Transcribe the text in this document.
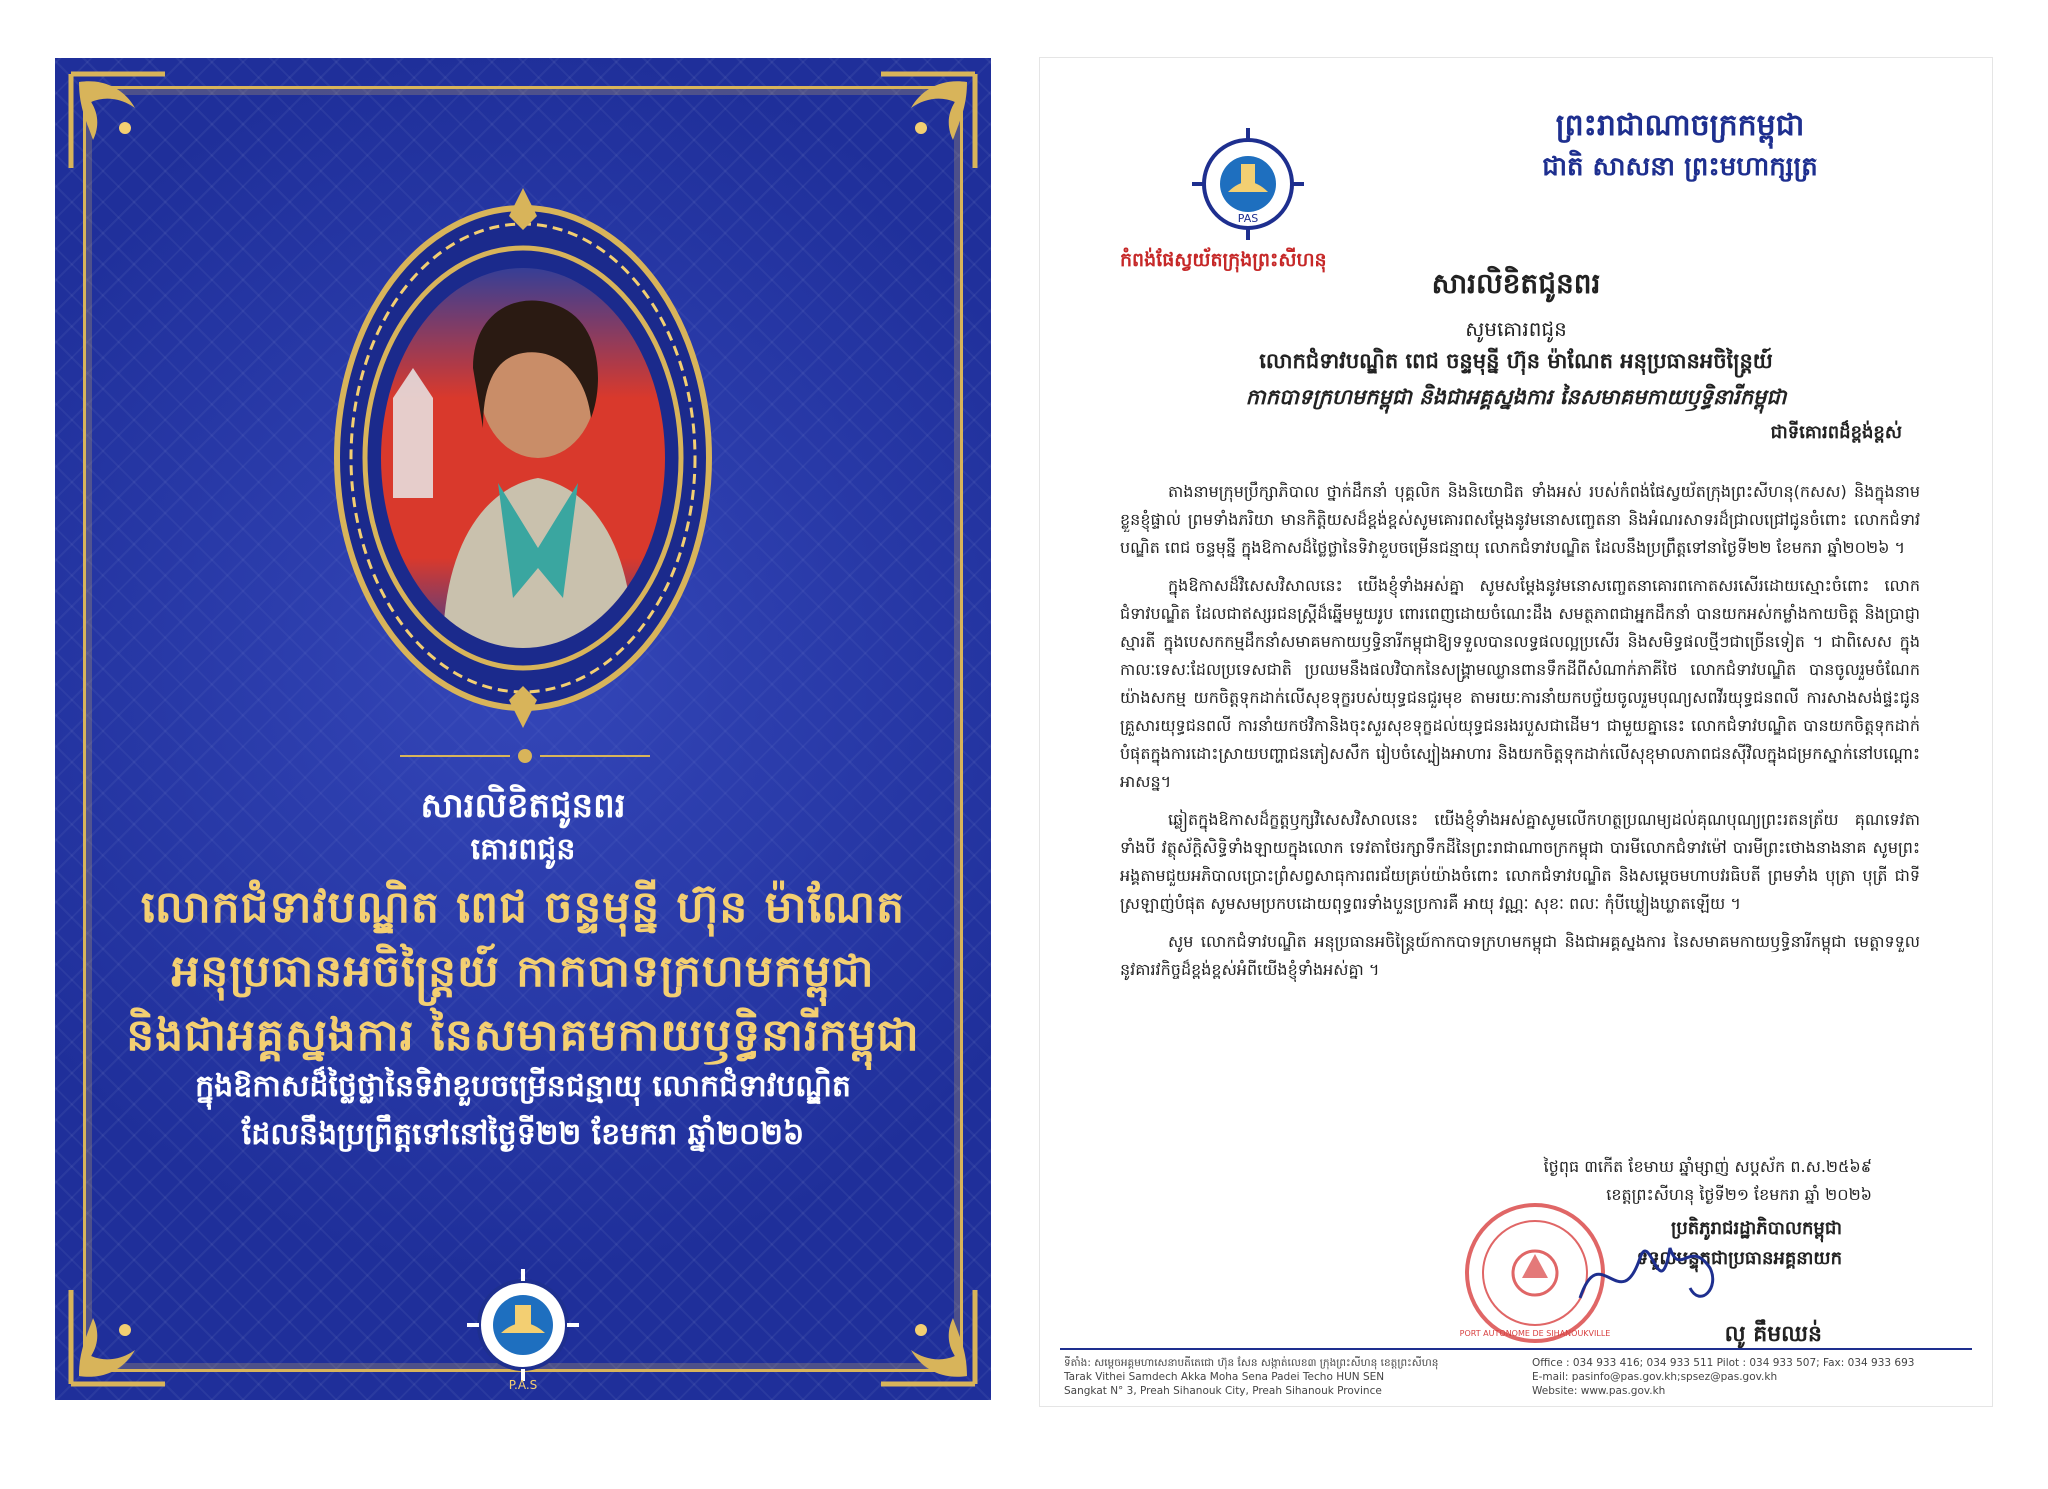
សារលិខិតជូនពរ
គោរពជូន
លោកជំទាវបណ្ឌិត ពេជ ចន្ទមុន្នី ហ៊ុន ម៉ាណែត
អនុប្រធានអចិន្ត្រៃយ៍ កាកបាទក្រហមកម្ពុជា
និងជាអគ្គស្នងការ នៃសមាគមកាយឫទ្ធិនារីកម្ពុជា
ក្នុងឱកាសដ៏ថ្លៃថ្លានៃទិវាខួបចម្រើនជន្មាយុ លោកជំទាវបណ្ឌិត
ដែលនឹងប្រព្រឹត្តទៅនៅថ្ងៃទី២២ ខែមករា ឆ្នាំ២០២៦
P.A.S
PAS
កំពង់ផែស្វយ័តក្រុងព្រះសីហនុ
ព្រះរាជាណាចក្រកម្ពុជា
ជាតិ សាសនា ព្រះមហាក្សត្រ
សារលិខិតជូនពរ
សូមគោរពជូន
លោកជំទាវបណ្ឌិត ពេជ ចន្ទមុន្នី ហ៊ុន ម៉ាណែត អនុប្រធានអចិន្ត្រៃយ៍
កាកបាទក្រហមកម្ពុជា និងជាអគ្គស្នងការ នៃសមាគមកាយឫទ្ធិនារីកម្ពុជា
ជាទីគោរពដ៏ខ្ពង់ខ្ពស់

តាងនាមក្រុមប្រឹក្សាភិបាល ថ្នាក់ដឹកនាំ បុគ្គលិក និងនិយោជិត ទាំងអស់ របស់កំពង់ផែស្វយ័តក្រុងព្រះសីហនុ(កសស) និងក្នុងនាមខ្លួនខ្ញុំផ្ទាល់ ព្រមទាំងភរិយា មានកិត្តិយសដ៏ខ្ពង់ខ្ពស់សូមគោរពសម្តែងនូវមនោសញ្ចេតនា និងអំណរសាទរដ៏ជ្រាលជ្រៅជូនចំពោះ លោកជំទាវបណ្ឌិត ពេជ ចន្ទមុន្នី ក្នុងឱកាសដ៏ថ្លៃថ្លានៃទិវាខួបចម្រើនជន្មាយុ លោកជំទាវបណ្ឌិត ដែលនឹងប្រព្រឹត្តទៅនាថ្ងៃទី២២ ខែមករា ឆ្នាំ២០២៦ ។

ក្នុងឱកាសដ៏វិសេសវិសាលនេះ យើងខ្ញុំទាំងអស់គ្នា សូមសម្តែងនូវមនោសញ្ចេតនាគោរពកោតសរសើរដោយស្មោះចំពោះ លោកជំទាវបណ្ឌិត ដែលជាឥស្សរជនស្ត្រីដ៏ឆ្នើមមួយរូប ពោរពេញដោយចំណេះដឹង សមត្ថភាពជាអ្នកដឹកនាំ បានយកអស់កម្លាំងកាយចិត្ត និងប្រាជ្ញាស្មារតី ក្នុងបេសកកម្មដឹកនាំសមាគមកាយឫទ្ធិនារីកម្ពុជាឱ្យទទួលបានលទ្ធផលល្អប្រសើរ និងសមិទ្ធផលថ្មីៗជាច្រើនទៀត ។ ជាពិសេស ក្នុងកាលៈទេសៈដែលប្រទេសជាតិ ប្រឈមនឹងផលវិបាកនៃសង្គ្រាមឈ្លានពានទឹកដីពីសំណាក់ភាគីថៃ លោកជំទាវបណ្ឌិត បានចូលរួមចំណែកយ៉ាងសកម្ម យកចិត្តទុកដាក់លើសុខទុក្ខរបស់យុទ្ធជនជួរមុខ តាមរយៈការនាំយកបច្ច័យចូលរួមបុណ្យសពវីរយុទ្ធជនពលី ការសាងសង់ផ្ទះជូនគ្រួសារយុទ្ធជនពលី ការនាំយកថវិកានិងចុះសួរសុខទុក្ខដល់យុទ្ធជនរងរបួសជាដើម។ ជាមួយគ្នានេះ លោកជំទាវបណ្ឌិត បានយកចិត្តទុកដាក់បំផុតក្នុងការដោះស្រាយបញ្ហាជនភៀសសឹក រៀបចំស្បៀងអាហារ និងយកចិត្តទុកដាក់លើសុខុមាលភាពជនស៊ីវិលក្នុងជម្រកស្នាក់នៅបណ្តោះអាសន្ន។

ឆ្លៀតក្នុងឱកាសដ៏ក្ខត្តឫក្សវិសេសវិសាលនេះ យើងខ្ញុំទាំងអស់គ្នាសូមលើកហត្ថប្រណម្យដល់គុណបុណ្យព្រះរតនត្រ័យ គុណទេវតាទាំងបី វត្ថុស័ក្តិសិទ្ធិទាំងឡាយក្នុងលោក ទេវតាថែរក្សាទឹកដីនៃព្រះរាជាណាចក្រកម្ពុជា បារមីលោកជំទាវម៉ៅ បារមីព្រះថោងនាងនាគ សូមព្រះអង្គតាមជួយអភិបាលប្រោះព្រំសព្វសាធុការពរជ័យគ្រប់យ៉ាងចំពោះ លោកជំទាវបណ្ឌិត និងសម្តេចមហាបវរធិបតី ព្រមទាំង បុត្រា បុត្រី ជាទីស្រឡាញ់បំផុត សូមសមប្រកបដោយពុទ្ធពរទាំងបួនប្រការគឺ អាយុ វណ្ណៈ សុខៈ ពលៈ កុំបីឃ្លៀងឃ្លាតឡើយ ។

សូម លោកជំទាវបណ្ឌិត អនុប្រធានអចិន្ត្រៃយ៍កាកបាទក្រហមកម្ពុជា និងជាអគ្គស្នងការ នៃសមាគមកាយឫទ្ធិនារីកម្ពុជា មេត្តាទទួលនូវគារវកិច្ចដ៏ខ្ពង់ខ្ពស់អំពីយើងខ្ញុំទាំងអស់គ្នា ។

ថ្ងៃពុធ ៣កើត ខែមាឃ ឆ្នាំម្សាញ់ សប្តស័ក ព.ស.២៥៦៩
ខេត្តព្រះសីហនុ ថ្ងៃទី២១ ខែមករា ឆ្នាំ ២០២៦
ប្រតិភូរាជរដ្ឋាភិបាលកម្ពុជា
ទទួលបន្ទុកជាប្រធានអគ្គនាយក
PORT AUTONOME DE SIHANOUKVILLE	លូ គឹមឈន់
ទីតាំង: សម្តេចអគ្គមហាសេនាបតីតេជោ ហ៊ុន សែន សង្កាត់លេខ៣ ក្រុងព្រះសីហនុ ខេត្តព្រះសីហនុ
Tarak Vithei Samdech Akka Moha Sena Padei Techo HUN SEN
Sangkat N° 3, Preah Sihanouk City, Preah Sihanouk Province
Office : 034 933 416; 034 933 511 Pilot : 034 933 507; Fax: 034 933 693
E-mail: pasinfo@pas.gov.kh;spsez@pas.gov.kh
Website: www.pas.gov.kh
